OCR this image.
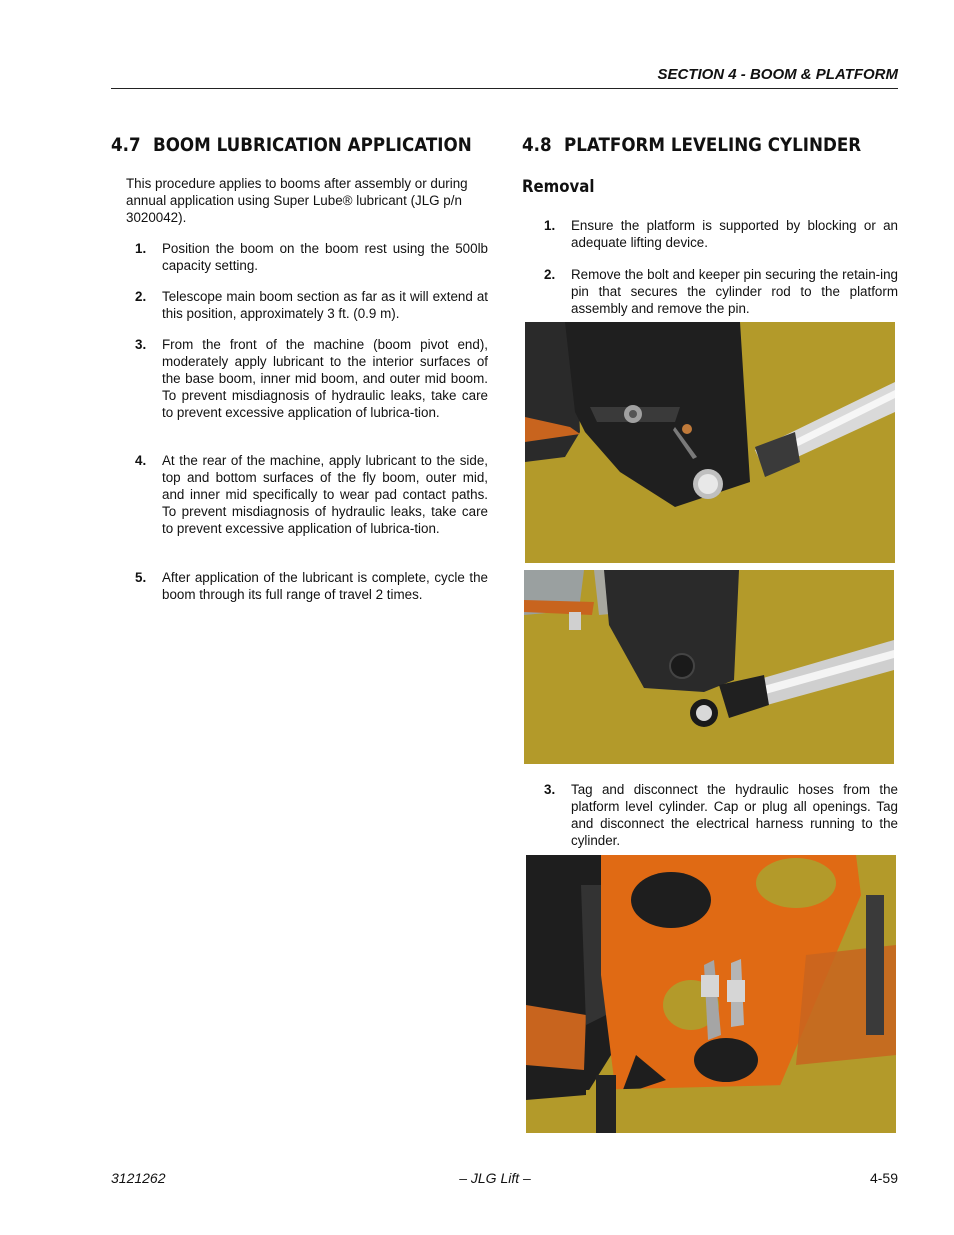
SECTION 4 - BOOM & PLATFORM
4.7 BOOM LUBRICATION APPLICATION
This procedure applies to booms after assembly or during annual application using Super Lube® lubricant (JLG p/n 3020042).
1. Position the boom on the boom rest using the 500lb capacity setting.
2. Telescope main boom section as far as it will extend at this position, approximately 3 ft. (0.9 m).
3. From the front of the machine (boom pivot end), moderately apply lubricant to the interior surfaces of the base boom, inner mid boom, and outer mid boom. To prevent misdiagnosis of hydraulic leaks, take care to prevent excessive application of lubrica-tion.
4. At the rear of the machine, apply lubricant to the side, top and bottom surfaces of the fly boom, outer mid, and inner mid specifically to wear pad contact paths. To prevent misdiagnosis of hydraulic leaks, take care to prevent excessive application of lubrica-tion.
5. After application of the lubricant is complete, cycle the boom through its full range of travel 2 times.
4.8 PLATFORM LEVELING CYLINDER
Removal
1. Ensure the platform is supported by blocking or an adequate lifting device.
2. Remove the bolt and keeper pin securing the retain-ing pin that secures the cylinder rod to the platform assembly and remove the pin.
3. Tag and disconnect the hydraulic hoses from the platform level cylinder. Cap or plug all openings. Tag and disconnect the electrical harness running to the cylinder.
3121262	– JLG Lift –	4-59
